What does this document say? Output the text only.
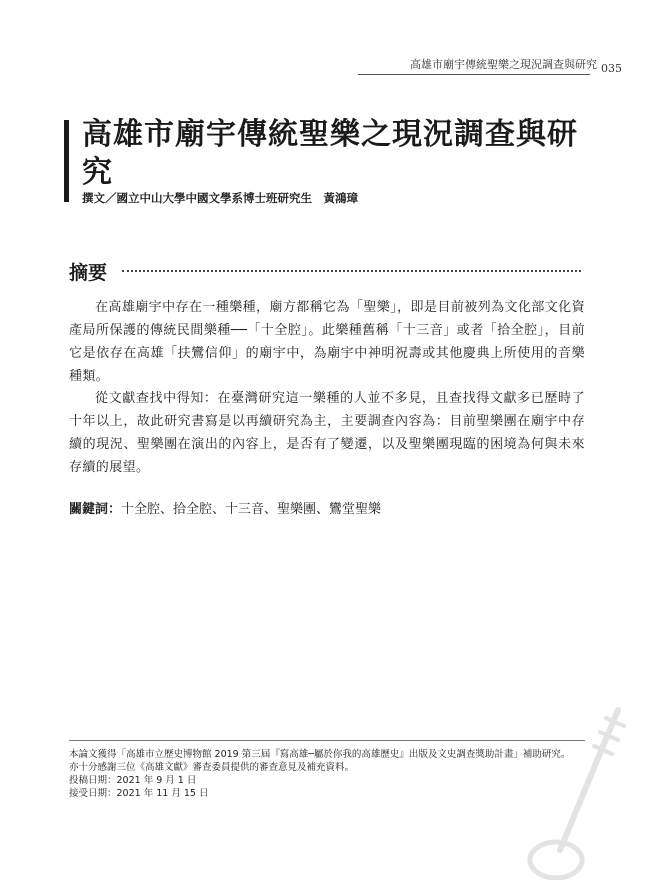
高雄市廟宇傳統聖樂之現況調查與研究 035
高雄市廟宇傳統聖樂之現況調查與研究
撰文／國立中山大學中國文學系博士班研究生　黃鴻璋
摘要

在高雄廟宇中存在一種樂種，廟方都稱它為「聖樂」，即是目前被列為文化部文化資產局所保護的傳統民間樂種──「十全腔」。此樂種舊稱「十三音」或者「拾全腔」，目前它是依存在高雄「扶鸞信仰」的廟宇中，為廟宇中神明祝壽或其他慶典上所使用的音樂種類。

從文獻查找中得知：在臺灣研究這一樂種的人並不多見，且查找得文獻多已歷時了十年以上，故此研究書寫是以再續研究為主，主要調查內容為：目前聖樂團在廟宇中存續的現況、聖樂團在演出的內容上，是否有了變遷，以及聖樂團現臨的困境為何與未來存續的展望。

關鍵詞：十全腔、拾全腔、十三音、聖樂團、鸞堂聖樂
本論文獲得「高雄市立歷史博物館 2019 第三屆『寫高雄─屬於你我的高雄歷史』出版及文史調查獎助計畫」補助研究。
亦十分感謝三位《高雄文獻》審查委員提供的審查意見及補充資料。
投稿日期：2021 年 9 月 1 日
接受日期：2021 年 11 月 15 日
